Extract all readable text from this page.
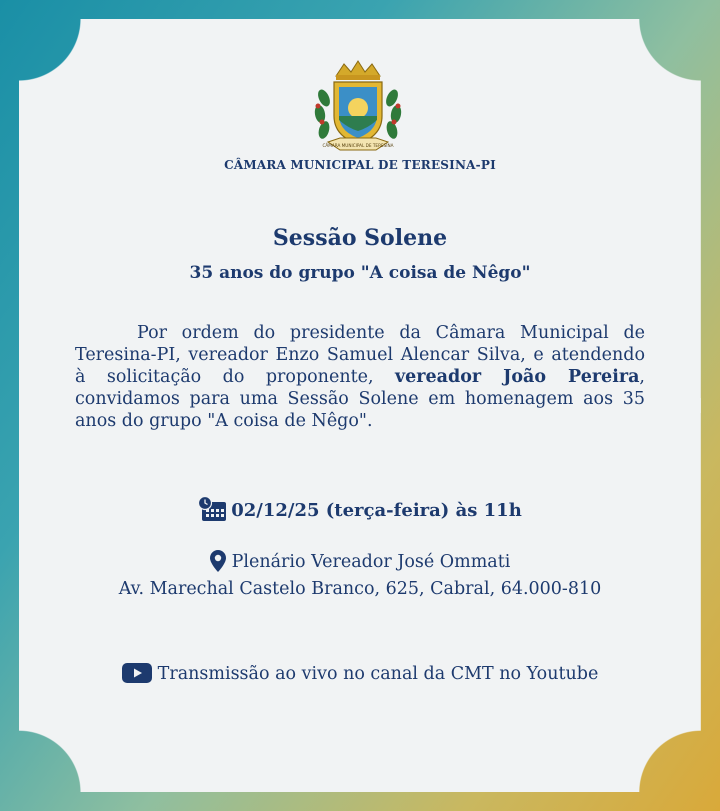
CÂMARA MUNICIPAL DE TERESINA
CÂMARA MUNICIPAL DE TERESINA-PI
Sessão Solene
35 anos do grupo "A coisa de Nêgo"
Por ordem do presidente da Câmara Municipal de Teresina-PI, vereador Enzo Samuel Alencar Silva, e atendendo à solicitação do proponente, vereador João Pereira, convidamos para uma Sessão Solene em homenagem aos 35 anos do grupo "A coisa de Nêgo".
02/12/25 (terça-feira) às 11h
Plenário Vereador José Ommati
Av. Marechal Castelo Branco, 625, Cabral, 64.000-810
Transmissão ao vivo no canal da CMT no Youtube
